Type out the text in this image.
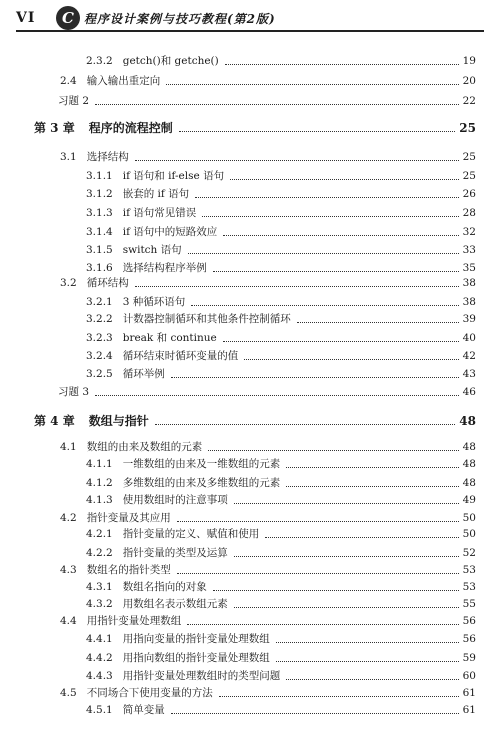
VI	C 程序设计案例与技巧教程(第2版)
2.3.2 getch()和 getche()	19
2.4 输入输出重定向	20
习题 2	22
第 3 章 程序的流程控制	25
3.1 选择结构	25
3.1.1 if 语句和 if-else 语句	25
3.1.2 嵌套的 if 语句	26
3.1.3 if 语句常见错误	28
3.1.4 if 语句中的短路效应	32
3.1.5 switch 语句	33
3.1.6 选择结构程序举例	35
3.2 循环结构	38
3.2.1 3 种循环语句	38
3.2.2 计数器控制循环和其他条件控制循环	39
3.2.3 break 和 continue	40
3.2.4 循环结束时循环变量的值	42
3.2.5 循环举例	43
习题 3	46
第 4 章 数组与指针	48
4.1 数组的由来及数组的元素	48
4.1.1 一维数组的由来及一维数组的元素	48
4.1.2 多维数组的由来及多维数组的元素	48
4.1.3 使用数组时的注意事项	49
4.2 指针变量及其应用	50
4.2.1 指针变量的定义、赋值和使用	50
4.2.2 指针变量的类型及运算	52
4.3 数组名的指针类型	53
4.3.1 数组名指向的对象	53
4.3.2 用数组名表示数组元素	55
4.4 用指针变量处理数组	56
4.4.1 用指向变量的指针变量处理数组	56
4.4.2 用指向数组的指针变量处理数组	59
4.4.3 用指针变量处理数组时的类型问题	60
4.5 不同场合下使用变量的方法	61
4.5.1 简单变量	61
